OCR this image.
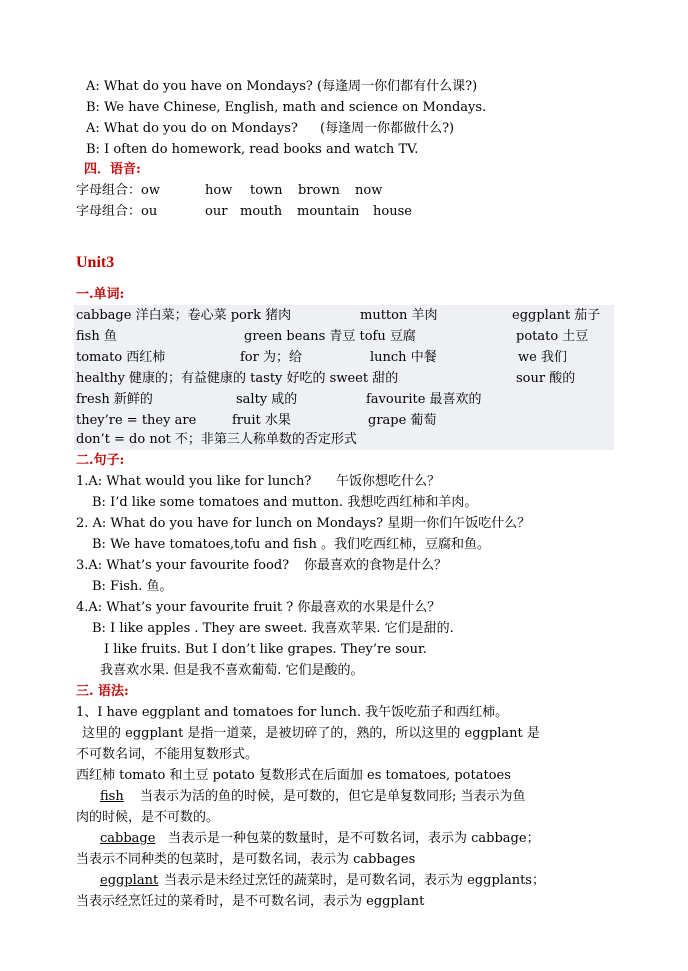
A: What do you have on Mondays? (每逢周一你们都有什么课?)
B: We have Chinese, English, math and science on Mondays.
A: What do you do on Mondays? (每逢周一你都做什么?)
B: I often do homework, read books and watch TV.
四．语音:
字母组合：ow	how town brown now
字母组合：ou	our mouth mountain house
Unit3
一.单词:
cabbage 洋白菜；卷心菜 pork 猪肉	mutton 羊肉	eggplant 茄子
fish 鱼	green beans 青豆 tofu 豆腐	potato 土豆
tomato 西红柿	for 为；给	lunch 中餐	we 我们
healthy 健康的；有益健康的 tasty 好吃的 sweet 甜的	sour 酸的
fresh 新鲜的	salty 咸的	favourite 最喜欢的
they’re = they are	fruit 水果	grape 葡萄
don’t = do not 不；非第三人称单数的否定形式
二.句子:
1.A: What would you like for lunch? 午饭你想吃什么？
B: I’d like some tomatoes and mutton. 我想吃西红柿和羊肉。
2. A: What do you have for lunch on Mondays? 星期一你们午饭吃什么？
B: We have tomatoes,tofu and fish 。我们吃西红柿，豆腐和鱼。
3.A: What’s your favourite food? 你最喜欢的食物是什么？
B: Fish. 鱼。
4.A: What’s your favourite fruit ? 你最喜欢的水果是什么？
B: I like apples . They are sweet. 我喜欢苹果. 它们是甜的.
I like fruits. But I don’t like grapes. They’re sour.
我喜欢水果. 但是我不喜欢葡萄. 它们是酸的。
三. 语法:
1、I have eggplant and tomatoes for lunch. 我午饭吃茄子和西红柿。
这里的 eggplant 是指一道菜，是被切碎了的，熟的，所以这里的 eggplant 是
不可数名词，不能用复数形式。
西红柿 tomato 和土豆 potato 复数形式在后面加 es tomatoes, potatoes
fish 当表示为活的鱼的时候，是可数的，但它是单复数同形; 当表示为鱼
肉的时候，是不可数的。
cabbage 当表示是一种包菜的数量时，是不可数名词，表示为 cabbage；
当表示不同种类的包菜时，是可数名词，表示为 cabbages
eggplant 当表示是未经过烹饪的蔬菜时，是可数名词，表示为 eggplants；
当表示经烹饪过的菜肴时，是不可数名词，表示为 eggplant
